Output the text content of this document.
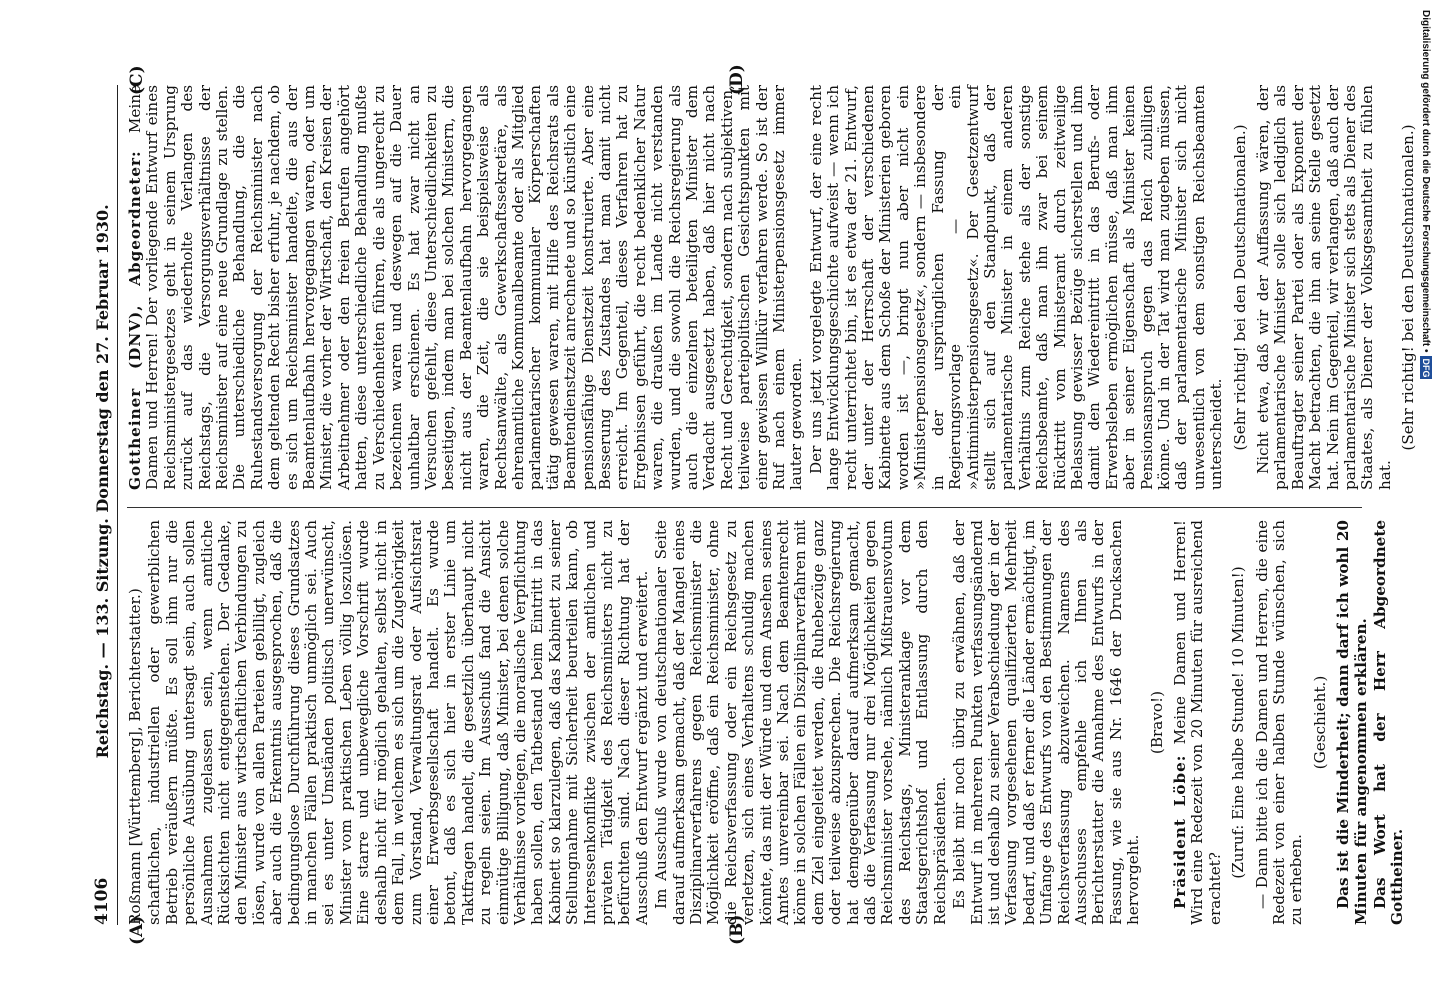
4106
Reichstag. — 133. Sitzung. Donnerstag den 27. Februar 1930.
(A)	(B)
(C)	(D)

Roßmann [Württemberg], Berichterstatter.) schaftlichen, industriellen oder gewerblichen Betrieb veräußern müßte. Es soll ihm nur die persönliche Ausübung untersagt sein, auch sollen Ausnahmen zugelassen sein, wenn amtliche Rücksichten nicht entgegenstehen. Der Gedanke, den Minister aus wirtschaftlichen Verbindungen zu lösen, wurde von allen Parteien gebilligt, zugleich aber auch die Erkenntnis ausgesprochen, daß die bedingungslose Durchführung dieses Grundsatzes in manchen Fällen praktisch unmöglich sei. Auch sei es unter Umständen politisch unerwünscht, Minister vom praktischen Leben völlig loszulösen. Eine starre und unbewegliche Vorschrift wurde deshalb nicht für möglich gehalten, selbst nicht in dem Fall, in welchem es sich um die Zugehörigkeit zum Vorstand, Verwaltungsrat oder Aufsichtsrat einer Erwerbsgesellschaft handelt. Es wurde betont, daß es sich hier in erster Linie um Taktfragen handelt, die gesetzlich überhaupt nicht zu regeln seien. Im Ausschuß fand die Ansicht einmütige Billigung, daß Minister, bei denen solche Verhältnisse vorliegen, die moralische Verpflichtung haben sollen, den Tatbestand beim Eintritt in das Kabinett so klarzulegen, daß das Kabinett zu seiner Stellungnahme mit Sicherheit beurteilen kann, ob Interessenkonflikte zwischen der amtlichen und privaten Tätigkeit des Reichsministers nicht zu befürchten sind. Nach dieser Richtung hat der Ausschuß den Entwurf ergänzt und erweitert. Im Ausschuß wurde von deutschnationaler Seite darauf aufmerksam gemacht, daß der Mangel eines Disziplinarverfahrens gegen Reichsminister die Möglichkeit eröffne, daß ein Reichsminister, ohne die Reichsverfassung oder ein Reichsgesetz zu verletzen, sich eines Verhaltens schuldig machen könnte, das mit der Würde und dem Ansehen seines Amtes unvereinbar sei. Nach dem Beamtenrecht könne in solchen Fällen ein Disziplinarverfahren mit dem Ziel eingeleitet werden, die Ruhebezüge ganz oder teilweise abzusprechen. Die Reichsregierung hat demgegenüber darauf aufmerksam gemacht, daß die Verfassung nur drei Möglichkeiten gegen Reichsminister vorsehe, nämlich Mißtrauensvotum des Reichstags, Ministeranklage vor dem Staatsgerichtshof und Entlassung durch den Reichspräsidenten. Es bleibt mir noch übrig zu erwähnen, daß der Entwurf in mehreren Punkten verfassungsändernd ist und deshalb zu seiner Verabschiedung der in der Verfassung vorgesehenen qualifizierten Mehrheit bedarf, und daß er ferner die Länder ermächtigt, im Umfange des Entwurfs von den Bestimmungen der Reichsverfassung abzuweichen. Namens des Ausschusses empfehle ich Ihnen als Berichterstatter die Annahme des Entwurfs in der Fassung, wie sie aus Nr. 1646 der Drucksachen hervorgeht.

(Bravo!)

Präsident Löbe: Meine Damen und Herren! Wird eine Redezeit von 20 Minuten für ausreichend erachtet?

(Zuruf: Eine halbe Stunde! 10 Minuten!) — Dann bitte ich die Damen und Herren, die eine Redezeit von einer halben Stunde wünschen, sich zu erheben.

(Geschieht.) Das ist die Minderheit; dann darf ich wohl 20 Minuten für angenommen erklären. Das Wort hat der Herr Abgeordnete Gottheiner.

Gottheiner (DNV), Abgeordneter: Meine Damen und Herren! Der vorliegende Entwurf eines Reichsministergesetzes geht in seinem Ursprung zurück auf das wiederholte Verlangen des Reichstags, die Versorgungsverhältnisse der Reichsminister auf eine neue Grundlage zu stellen. Die unterschiedliche Behandlung, die die Ruhestandsversorgung der Reichsminister nach dem geltenden Recht bisher erfuhr, je nachdem, ob es sich um Reichsminister handelte, die aus der Beamtenlaufbahn hervorgegangen waren, oder um Minister, die vorher der Wirtschaft, den Kreisen der Arbeitnehmer oder den freien Berufen angehört hatten, diese unterschiedliche Behandlung mußte zu Verschiedenheiten führen, die als ungerecht zu bezeichnen waren und deswegen auf die Dauer unhaltbar erschienen. Es hat zwar nicht an Versuchen gefehlt, diese Unterschiedlichkeiten zu beseitigen, indem man bei solchen Ministern, die nicht aus der Beamtenlaufbahn hervorgegangen waren, die Zeit, die sie beispielsweise als Rechtsanwälte, als Gewerkschaftssekretäre, als ehrenamtliche Kommunalbeamte oder als Mitglied parlamentarischer kommunaler Körperschaften tätig gewesen waren, mit Hilfe des Reichsrats als Beamtendienstzeit anrechnete und so künstlich eine pensionsfähige Dienstzeit konstruierte. Aber eine Besserung des Zustandes hat man damit nicht erreicht. Im Gegenteil, dieses Verfahren hat zu Ergebnissen geführt, die recht bedenklicher Natur waren, die draußen im Lande nicht verstanden wurden, und die sowohl die Reichsregierung als auch die einzelnen beteiligten Minister dem Verdacht ausgesetzt haben, daß hier nicht nach Recht und Gerechtigkeit, sondern nach subjektiven, teilweise parteipolitischen Gesichtspunkten mit einer gewissen Willkür verfahren werde. So ist der Ruf nach einem Ministerpensionsgesetz immer lauter geworden. Der uns jetzt vorgelegte Entwurf, der eine recht lange Entwicklungsgeschichte aufweist — wenn ich recht unterrichtet bin, ist es etwa der 21. Entwurf, der unter der Herrschaft der verschiedenen Kabinette aus dem Schoße der Ministerien geboren worden ist —, bringt nun aber nicht ein »Ministerpensionsgesetz«, sondern — insbesondere in der ursprünglichen Fassung der Regierungsvorlage — ein »Antiministerpensionsgesetz«. Der Gesetzentwurf stellt sich auf den Standpunkt, daß der parlamentarische Minister in einem anderen Verhältnis zum Reiche stehe als der sonstige Reichsbeamte, daß man ihn zwar bei seinem Rücktritt vom Ministeramt durch zeitweilige Belassung gewisser Bezüge sicherstellen und ihm damit den Wiedereintritt in das Berufs- oder Erwerbsleben ermöglichen müsse, daß man ihm aber in seiner Eigenschaft als Minister keinen Pensionsanspruch gegen das Reich zubilligen könne. Und in der Tat wird man zugeben müssen, daß der parlamentarische Minister sich nicht unwesentlich von dem sonstigen Reichsbeamten unterscheidet. (Sehr richtig! bei den Deutschnationalen.) Nicht etwa, daß wir der Auffassung wären, der parlamentarische Minister solle sich lediglich als Beauftragter seiner Partei oder als Exponent der Macht betrachten, die ihn an seine Stelle gesetzt hat. Nein im Gegenteil, wir verlangen, daß auch der parlamentarische Minister sich stets als Diener des Staates, als Diener der Volksgesamtheit zu fühlen hat.

(Sehr richtig! bei den Deutschnationalen.) Digitalisierung gefördert durch die Deutsche Forschungsgemeinschaft •
DFG
